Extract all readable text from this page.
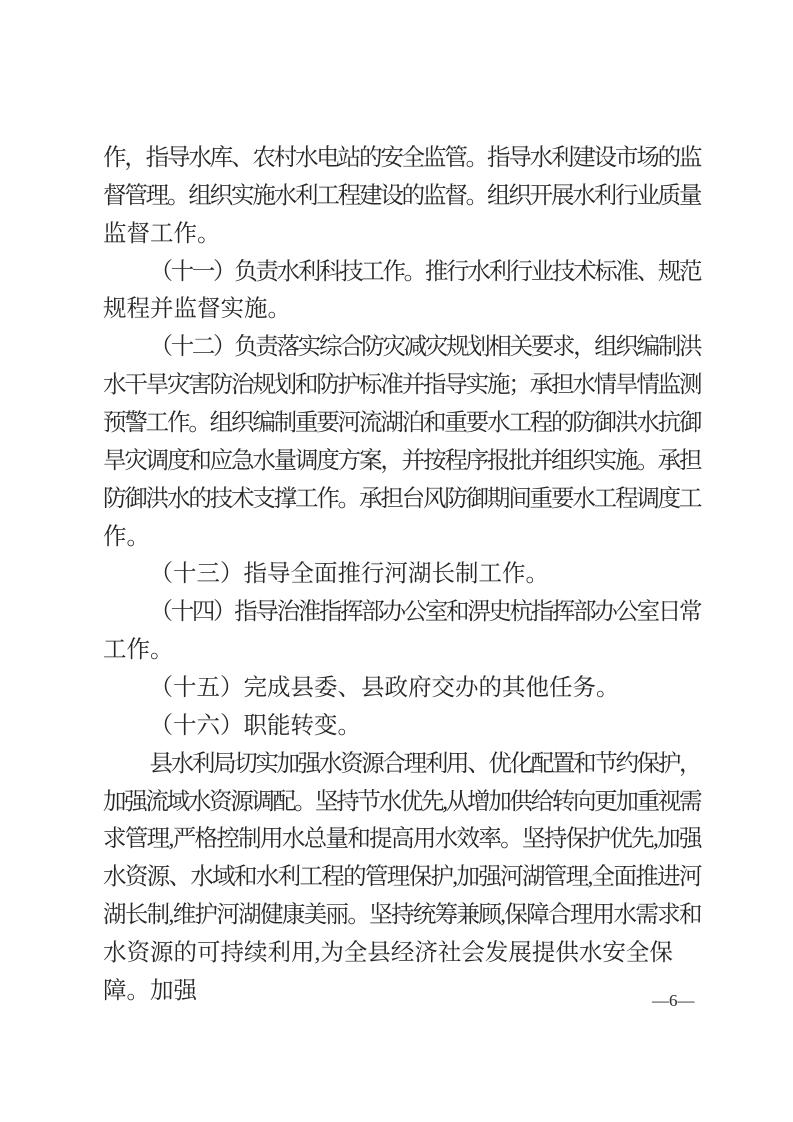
作，指导水库、农村水电站的安全监管。指导水利建设市场的监
督管理。组织实施水利工程建设的监督。组织开展水利行业质量
监督工作。
（十一）负责水利科技工作。推行水利行业技术标准、规范
规程并监督实施。
（十二）负责落实综合防灾减灾规划相关要求，组织编制洪
水干旱灾害防治规划和防护标准并指导实施；承担水情旱情监测
预警工作。组织编制重要河流湖泊和重要水工程的防御洪水抗御
旱灾调度和应急水量调度方案，并按程序报批并组织实施。承担
防御洪水的技术支撑工作。承担台风防御期间重要水工程调度工
作。
（十三）指导全面推行河湖长制工作。
（十四）指导治淮指挥部办公室和淠史杭指挥部办公室日常
工作。
（十五）完成县委、县政府交办的其他任务。
（十六）职能转变。
县水利局切实加强水资源合理利用、优化配置和节约保护，
加强流域水资源调配。坚持节水优先,从增加供给转向更加重视需
求管理,严格控制用水总量和提高用水效率。坚持保护优先,加强
水资源、水域和水利工程的管理保护,加强河湖管理,全面推进河
湖长制,维护河湖健康美丽。坚持统筹兼顾,保障合理用水需求和
水资源的可持续利用,为全县经济社会发展提供水安全保障。加强	—6—
